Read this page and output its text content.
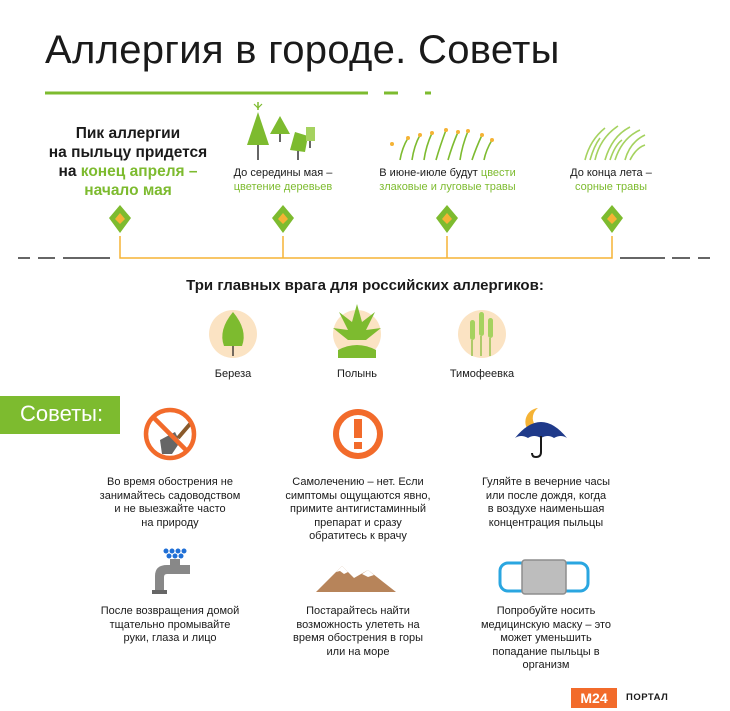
Аллергия в городе. Советы
Пик аллергии
на пыльцу придется
на конец апреля –
начало мая
До середины мая –
цветение деревьев
В июне-июле будут цвести
злаковые и луговые травы
До конца лета –
сорные травы
Три главных врага для российских аллергиков:
Береза	Полынь	Тимофеевка
Советы:
Во время обострения не
занимайтесь садоводством
и не выезжайте часто
на природу
Самолечению – нет. Если
симптомы ощущаются явно,
примите антигистаминный
препарат и сразу
обратитесь к врачу
Гуляйте в вечерние часы
или после дождя, когда
в воздухе наименьшая
концентрация пыльцы
После возвращения домой
тщательно промывайте
руки, глаза и лицо
Постарайтесь найти
возможность улететь на
время обострения в горы
или на море
Попробуйте носить
медицинскую маску – это
может уменьшить
попадание пыльцы в
организм
M24	ПОРТАЛ
